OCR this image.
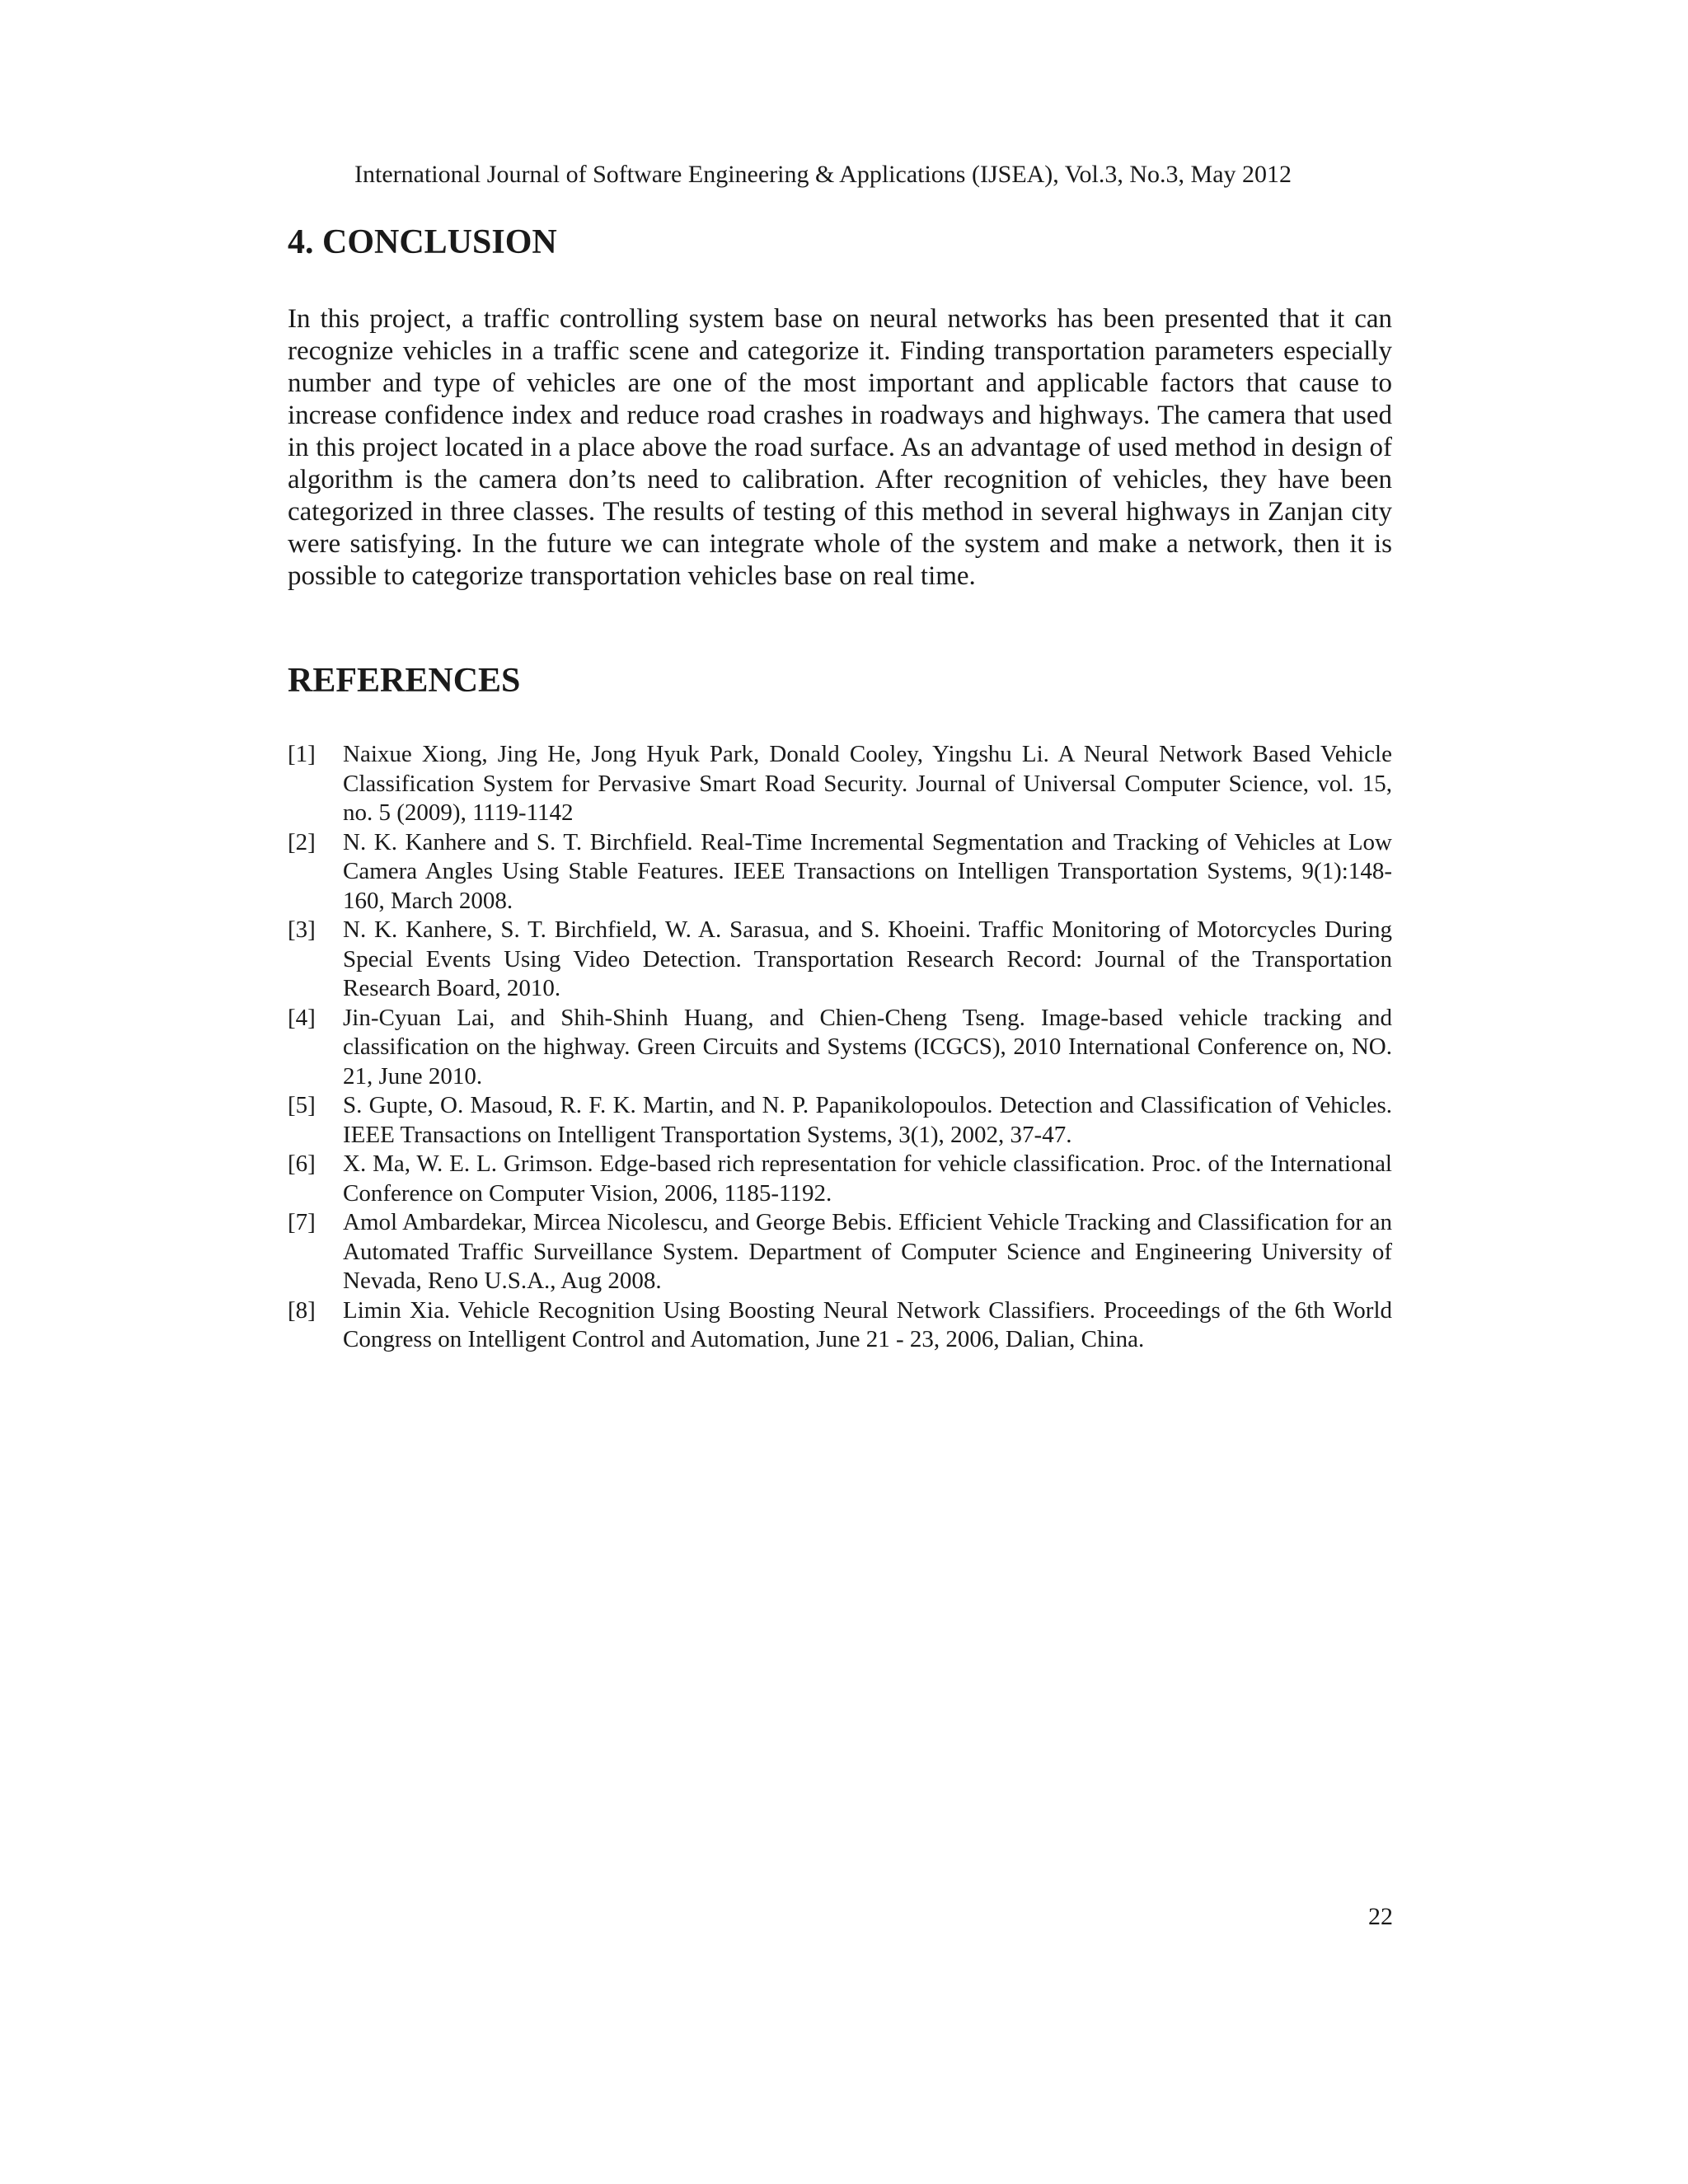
International Journal of Software Engineering & Applications (IJSEA), Vol.3, No.3, May 2012
4. CONCLUSION

In this project, a traffic controlling system base on neural networks has been presented that it can recognize vehicles in a traffic scene and categorize it. Finding transportation parameters especially number and type of vehicles are one of the most important and applicable factors that cause to increase confidence index and reduce road crashes in roadways and highways. The camera that used in this project located in a place above the road surface. As an advantage of used method in design of algorithm is the camera don’ts need to calibration. After recognition of vehicles, they have been categorized in three classes. The results of testing of this method in several highways in Zanjan city were satisfying. In the future we can integrate whole of the system and make a network, then it is possible to categorize transportation vehicles base on real time.

REFERENCES
[1]	Naixue Xiong, Jing He, Jong Hyuk Park, Donald Cooley, Yingshu Li. A Neural Network Based Vehicle Classification System for Pervasive Smart Road Security. Journal of Universal Computer Science, vol. 15, no. 5 (2009), 1119-1142
[2]	N. K. Kanhere and S. T. Birchfield. Real-Time Incremental Segmentation and Tracking of Vehicles at Low Camera Angles Using Stable Features. IEEE Transactions on Intelligen Transportation Systems, 9(1):148-160, March 2008.
[3]	N. K. Kanhere, S. T. Birchfield, W. A. Sarasua, and S. Khoeini. Traffic Monitoring of Motorcycles During Special Events Using Video Detection. Transportation Research Record: Journal of the Transportation Research Board, 2010.
[4]	Jin-Cyuan Lai, and Shih-Shinh Huang, and Chien-Cheng Tseng. Image-based vehicle tracking and classification on the highway. Green Circuits and Systems (ICGCS), 2010 International Conference on, NO. 21, June 2010.
[5]	S. Gupte, O. Masoud, R. F. K. Martin, and N. P. Papanikolopoulos. Detection and Classification of Vehicles. IEEE Transactions on Intelligent Transportation Systems, 3(1), 2002, 37-47.
[6]	X. Ma, W. E. L. Grimson. Edge-based rich representation for vehicle classification. Proc. of the International Conference on Computer Vision, 2006, 1185-1192.
[7]	Amol Ambardekar, Mircea Nicolescu, and George Bebis. Efficient Vehicle Tracking and Classification for an Automated Traffic Surveillance System. Department of Computer Science and Engineering University of Nevada, Reno U.S.A., Aug 2008.
[8]	Limin Xia. Vehicle Recognition Using Boosting Neural Network Classifiers. Proceedings of the 6th World Congress on Intelligent Control and Automation, June 21 - 23, 2006, Dalian, China.
22
